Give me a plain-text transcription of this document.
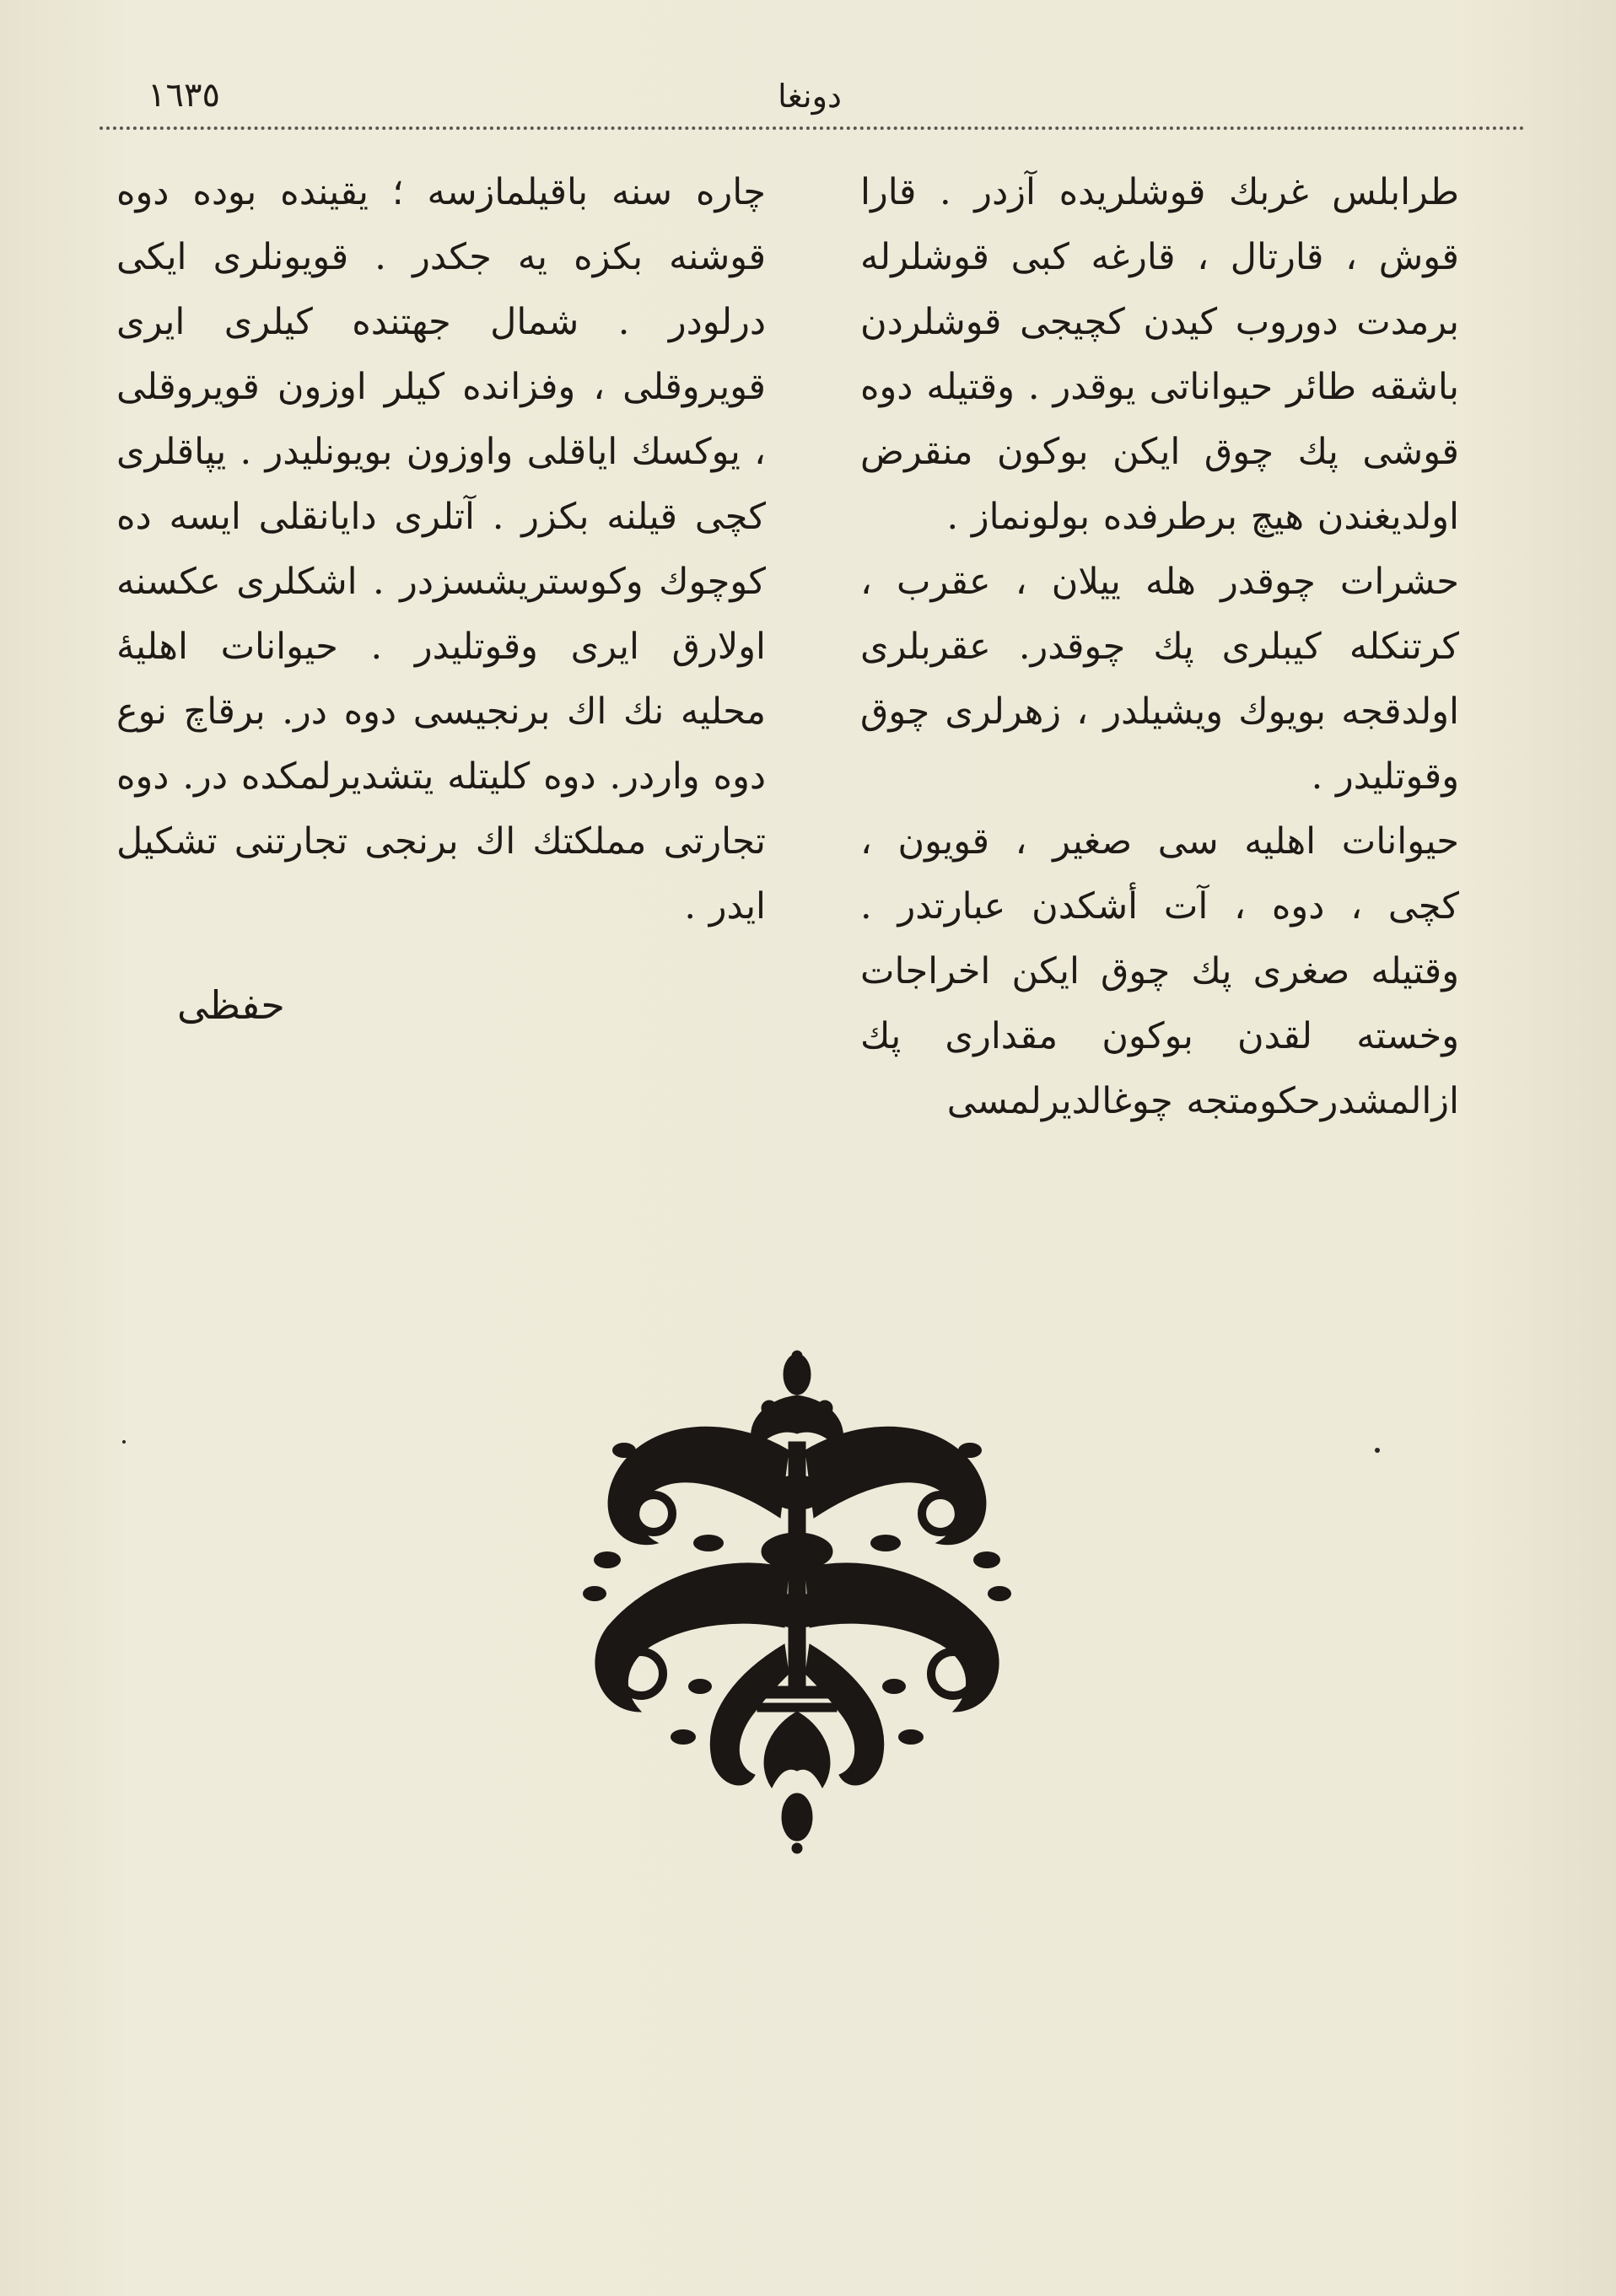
١٦٣٥	دونغا

طرابلس غربك قوشلريده آزدر . قارا قوش ، قارتال ، قارغه كبى قوشلرله برمدت دوروب كيدن كچيجى قوشلردن باشقه طائر حيواناتى يوقدر . وقتيله دوه قوشى پك چوق ايكن بوكون منقرض اولديغندن هيچ برطرفده بولونماز .

حشرات چوقدر هله ييلان ، عقرب ، كرتنكله كيبلرى پك چوقدر. عقربلرى اولدقجه بويوك ويشيلدر ، زهرلرى چوق وقوتليدر .

حيوانات اهليه سى صغير ، قويون ، كچى ، دوه ، آت أشكدن عبارتدر . وقتيله صغرى پك چوق ايكن اخراجات وخسته لقدن بوكون مقدارى پك ازالمشدرحكومتجه چوغالديرلمسى

چاره سنه باقيلمازسه ؛ يقينده بوده دوه قوشنه بكزه يه جكدر . قويونلرى ايكى درلودر . شمال جهتنده كيلرى ايرى قويروقلى ، وفزانده كيلر اوزون قويروقلى ، يوكسك اياقلى واوزون بويونليدر . يپاقلرى كچى قيلنه بكزر . آتلرى دايانقلى ايسه ده كوچوك وكوستريشسزدر . اشكلرى عكسنه اولارق ايرى وقوتليدر . حيوانات اهليۀ محليه نك اك برنجيسى دوه در. برقاچ نوع دوه واردر. دوه كليتله يتشديرلمكده در. دوه تجارتى مملكتك اك برنجى تجارتنى تشكيل ايدر .

حفظى
